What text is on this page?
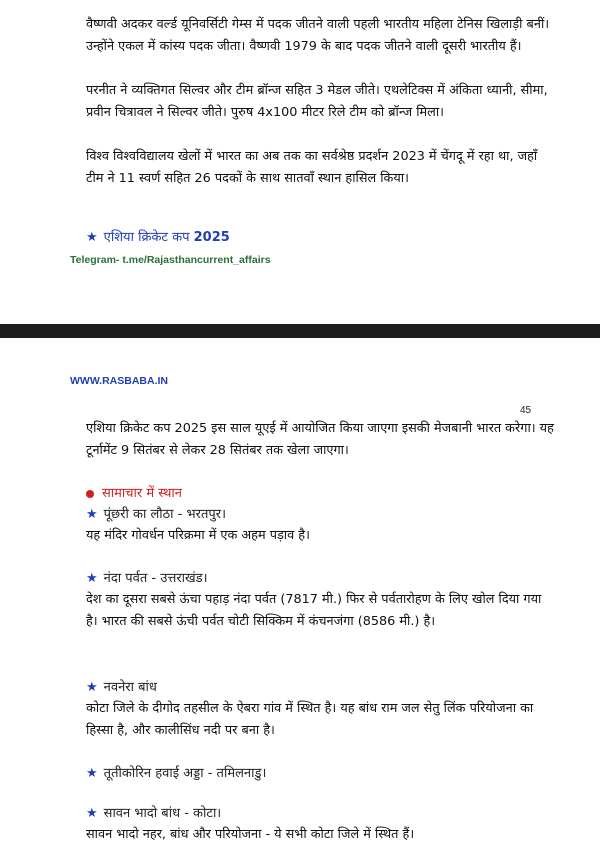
वैष्णवी अदकर वर्ल्ड यूनिवर्सिटी गेम्स में पदक जीतने वाली पहली भारतीय महिला टेनिस खिलाड़ी बनीं। उन्होंने एकल में कांस्य पदक जीता। वैष्णवी 1979 के बाद पदक जीतने वाली दूसरी भारतीय हैं।

परनीत ने व्यक्तिगत सिल्वर और टीम ब्रॉन्ज सहित 3 मेडल जीते। एथलेटिक्स में अंकिता ध्यानी, सीमा, प्रवीन चित्रावल ने सिल्वर जीते। पुरुष 4x100 मीटर रिले टीम को ब्रॉन्ज मिला।

विश्व विश्वविद्यालय खेलों में भारत का अब तक का सर्वश्रेष्ठ प्रदर्शन 2023 में चेंगदू में रहा था, जहाँ टीम ने 11 स्वर्ण सहित 26 पदकों के साथ सातवाँ स्थान हासिल किया।

★ एशिया क्रिकेट कप 2025
Telegram- t.me/Rajasthancurrent_affairs
WWW.RASBABA.IN
45

एशिया क्रिकेट कप 2025 इस साल यूएई में आयोजित किया जाएगा इसकी मेजबानी भारत करेगा। यह टूर्नामेंट 9 सितंबर से लेकर 28 सितंबर तक खेला जाएगा।

सामाचार में स्थान
★ पूंछरी का लौठा - भरतपुर।

यह मंदिर गोवर्धन परिक्रमा में एक अहम पड़ाव है।

★ नंदा पर्वत - उत्तराखंड।

देश का दूसरा सबसे ऊंचा पहाड़ नंदा पर्वत (7817 मी.) फिर से पर्वतारोहण के लिए खोल दिया गया है। भारत की सबसे ऊंची पर्वत चोटी सिक्किम में कंचनजंगा (8586 मी.) है।

★ नवनेरा बांध

कोटा जिले के दीगोद तहसील के ऐबरा गांव में स्थित है। यह बांध राम जल सेतु लिंक परियोजना का हिस्सा है, और कालीसिंध नदी पर बना है।

★ तूतीकोरिन हवाई अड्डा - तमिलनाडु।
★ सावन भादो बांध - कोटा।

सावन भादो नहर, बांध और परियोजना - ये सभी कोटा जिले में स्थित हैं।
